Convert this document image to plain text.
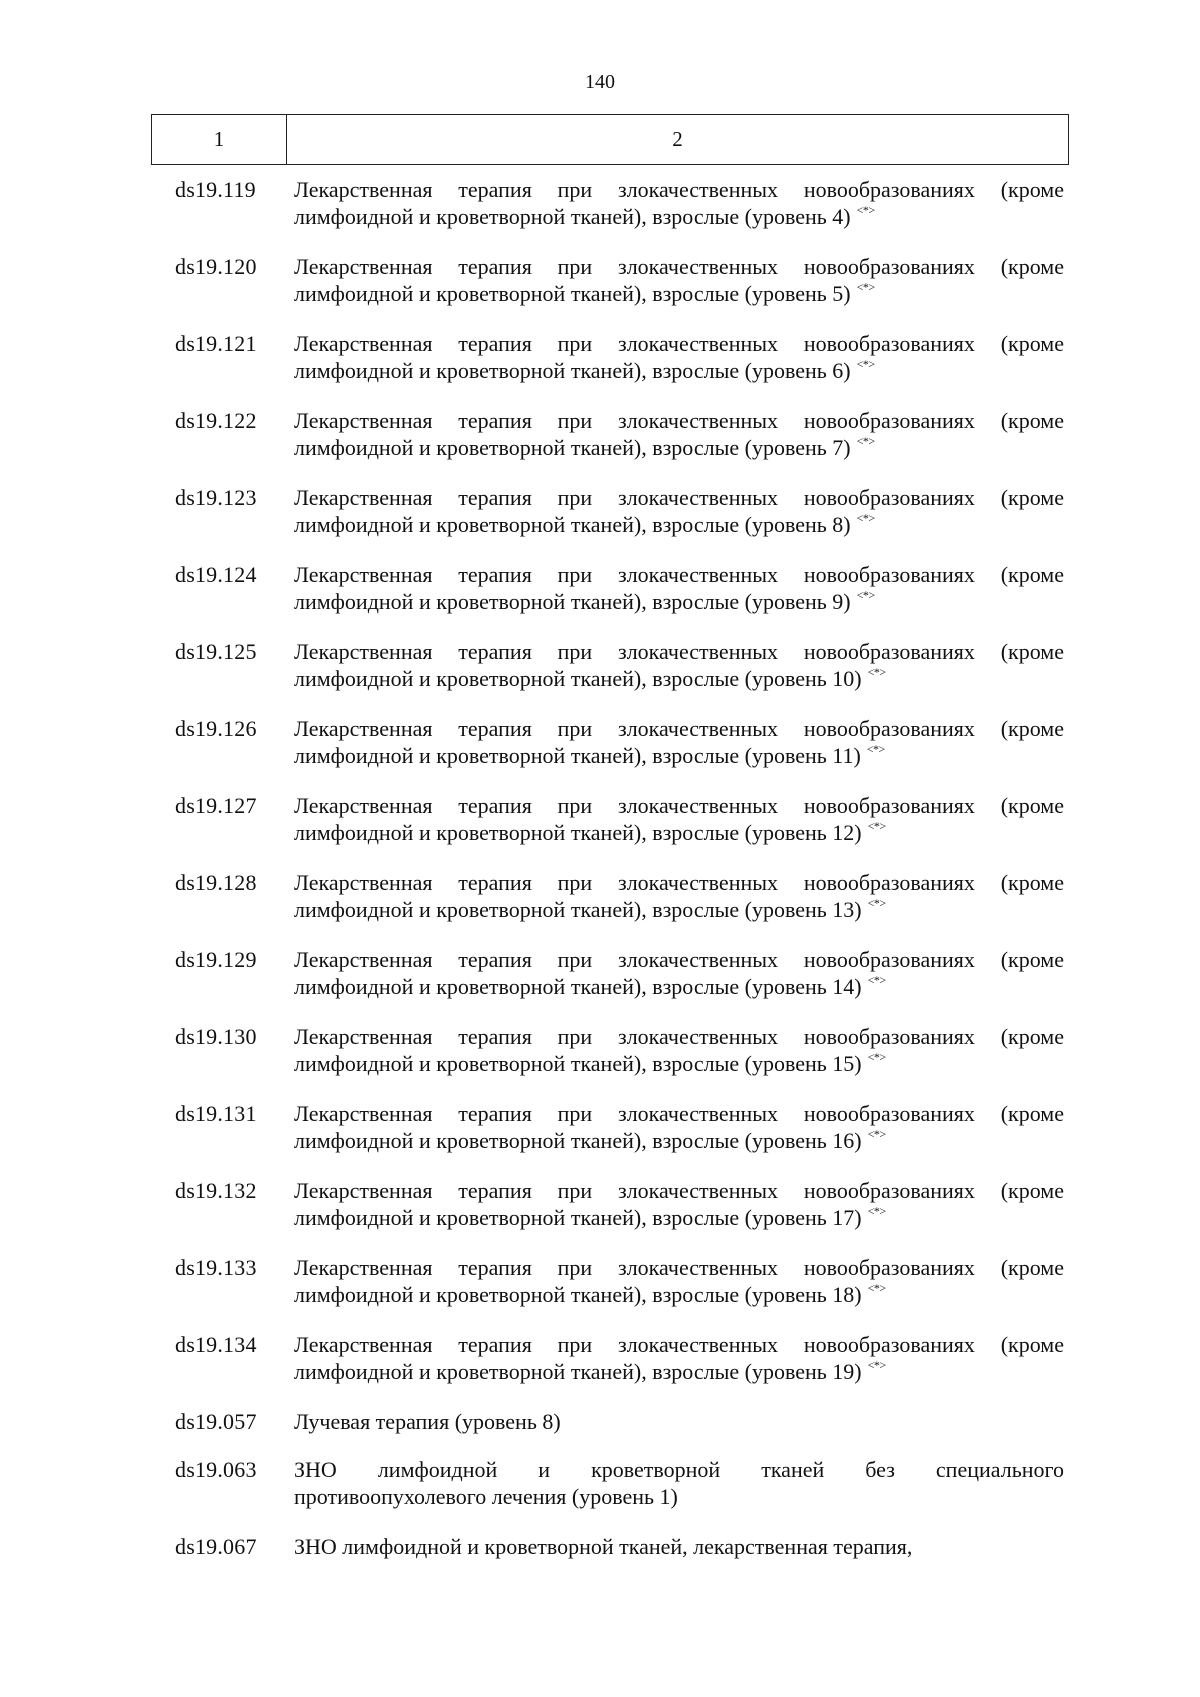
140
1	2
ds19.119	Лекарственная терапия при злокачественных новообразованиях (кроме
лимфоидной и кроветворной тканей), взрослые (уровень 4) <*>
ds19.120	Лекарственная терапия при злокачественных новообразованиях (кроме
лимфоидной и кроветворной тканей), взрослые (уровень 5) <*>
ds19.121	Лекарственная терапия при злокачественных новообразованиях (кроме
лимфоидной и кроветворной тканей), взрослые (уровень 6) <*>
ds19.122	Лекарственная терапия при злокачественных новообразованиях (кроме
лимфоидной и кроветворной тканей), взрослые (уровень 7) <*>
ds19.123	Лекарственная терапия при злокачественных новообразованиях (кроме
лимфоидной и кроветворной тканей), взрослые (уровень 8) <*>
ds19.124	Лекарственная терапия при злокачественных новообразованиях (кроме
лимфоидной и кроветворной тканей), взрослые (уровень 9) <*>
ds19.125	Лекарственная терапия при злокачественных новообразованиях (кроме
лимфоидной и кроветворной тканей), взрослые (уровень 10) <*>
ds19.126	Лекарственная терапия при злокачественных новообразованиях (кроме
лимфоидной и кроветворной тканей), взрослые (уровень 11) <*>
ds19.127	Лекарственная терапия при злокачественных новообразованиях (кроме
лимфоидной и кроветворной тканей), взрослые (уровень 12) <*>
ds19.128	Лекарственная терапия при злокачественных новообразованиях (кроме
лимфоидной и кроветворной тканей), взрослые (уровень 13) <*>
ds19.129	Лекарственная терапия при злокачественных новообразованиях (кроме
лимфоидной и кроветворной тканей), взрослые (уровень 14) <*>
ds19.130	Лекарственная терапия при злокачественных новообразованиях (кроме
лимфоидной и кроветворной тканей), взрослые (уровень 15) <*>
ds19.131	Лекарственная терапия при злокачественных новообразованиях (кроме
лимфоидной и кроветворной тканей), взрослые (уровень 16) <*>
ds19.132	Лекарственная терапия при злокачественных новообразованиях (кроме
лимфоидной и кроветворной тканей), взрослые (уровень 17) <*>
ds19.133	Лекарственная терапия при злокачественных новообразованиях (кроме
лимфоидной и кроветворной тканей), взрослые (уровень 18) <*>
ds19.134	Лекарственная терапия при злокачественных новообразованиях (кроме
лимфоидной и кроветворной тканей), взрослые (уровень 19) <*>
ds19.057	Лучевая терапия (уровень 8)
ds19.063	ЗНО лимфоидной и кроветворной тканей без специального
противоопухолевого лечения (уровень 1)
ds19.067	ЗНО лимфоидной и кроветворной тканей, лекарственная терапия,
